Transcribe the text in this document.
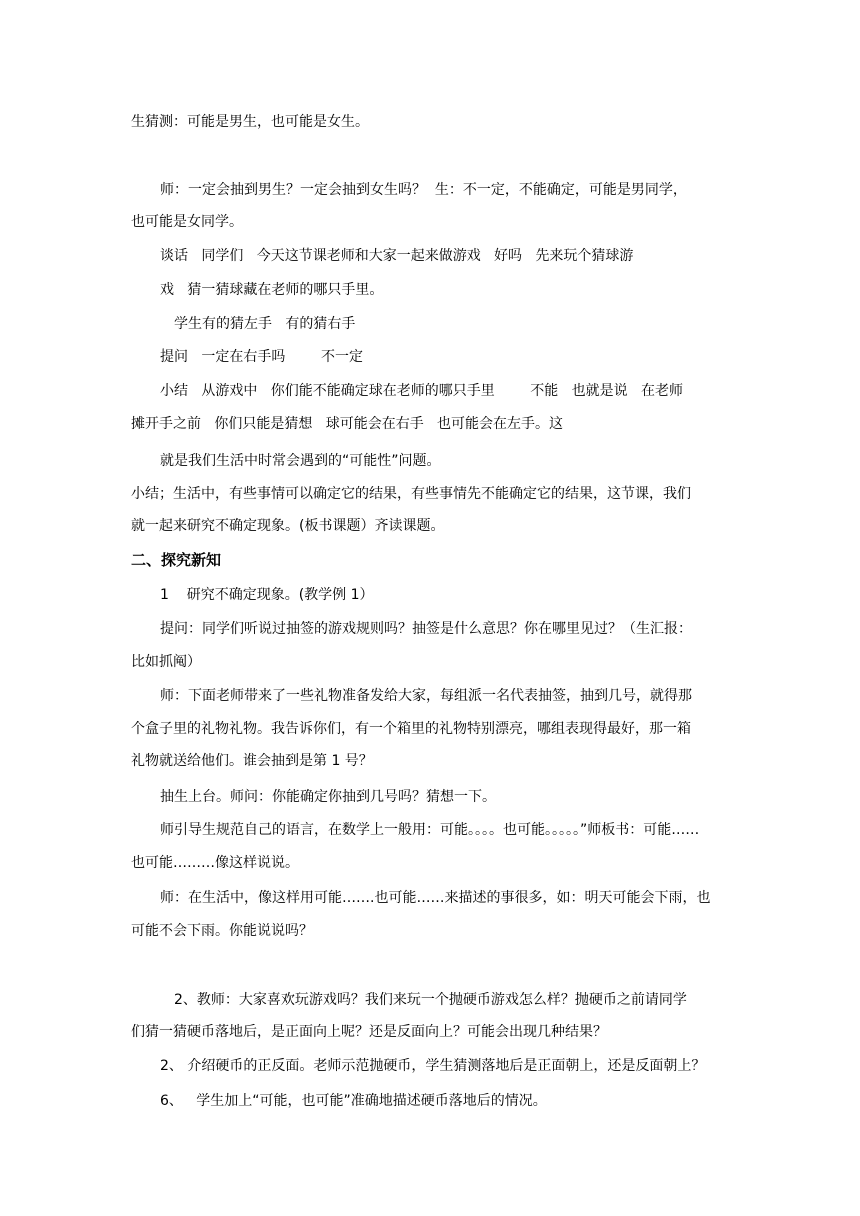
生猜测：可能是男生，也可能是女生。
师：一定会抽到男生？一定会抽到女生吗？  生：不一定，不能确定，可能是男同学，
也可能是女同学。
谈话   同学们   今天这节课老师和大家一起来做游戏   好吗   先来玩个猜球游
戏   猜一猜球藏在老师的哪只手里。
学生有的猜左手   有的猜右手
提问   一定在右手吗        不一定
小结   从游戏中   你们能不能确定球在老师的哪只手里        不能   也就是说   在老师
摊开手之前   你们只能是猜想   球可能会在右手   也可能会在左手。这
就是我们生活中时常会遇到的“可能性”问题。
小结；生活中，有些事情可以确定它的结果，有些事情先不能确定它的结果，这节课，我们
就一起来研究不确定现象。(板书课题）齐读课题。
二、探究新知
1    研究不确定现象。(教学例 1）
提问：同学们听说过抽签的游戏规则吗？抽签是什么意思？你在哪里见过？（生汇报：
比如抓阄）
师：下面老师带来了一些礼物准备发给大家，每组派一名代表抽签，抽到几号，就得那
个盒子里的礼物礼物。我告诉你们，有一个箱里的礼物特别漂亮，哪组表现得最好，那一箱
礼物就送给他们。谁会抽到是第 1 号？
抽生上台。师问：你能确定你抽到几号吗？猜想一下。
师引导生规范自己的语言，在数学上一般用：可能。。。。也可能。。。。。”师板书：可能……
也可能………像这样说说。
师：在生活中，像这样用可能…….也可能……来描述的事很多，如：明天可能会下雨，也
可能不会下雨。你能说说吗？
2、教师：大家喜欢玩游戏吗？我们来玩一个抛硬币游戏怎么样？抛硬币之前请同学
们猜一猜硬币落地后，是正面向上呢？还是反面向上？可能会出现几种结果？
2、 介绍硬币的正反面。老师示范抛硬币，学生猜测落地后是正面朝上，还是反面朝上？
6、   学生加上“可能，也可能”准确地描述硬币落地后的情况。
